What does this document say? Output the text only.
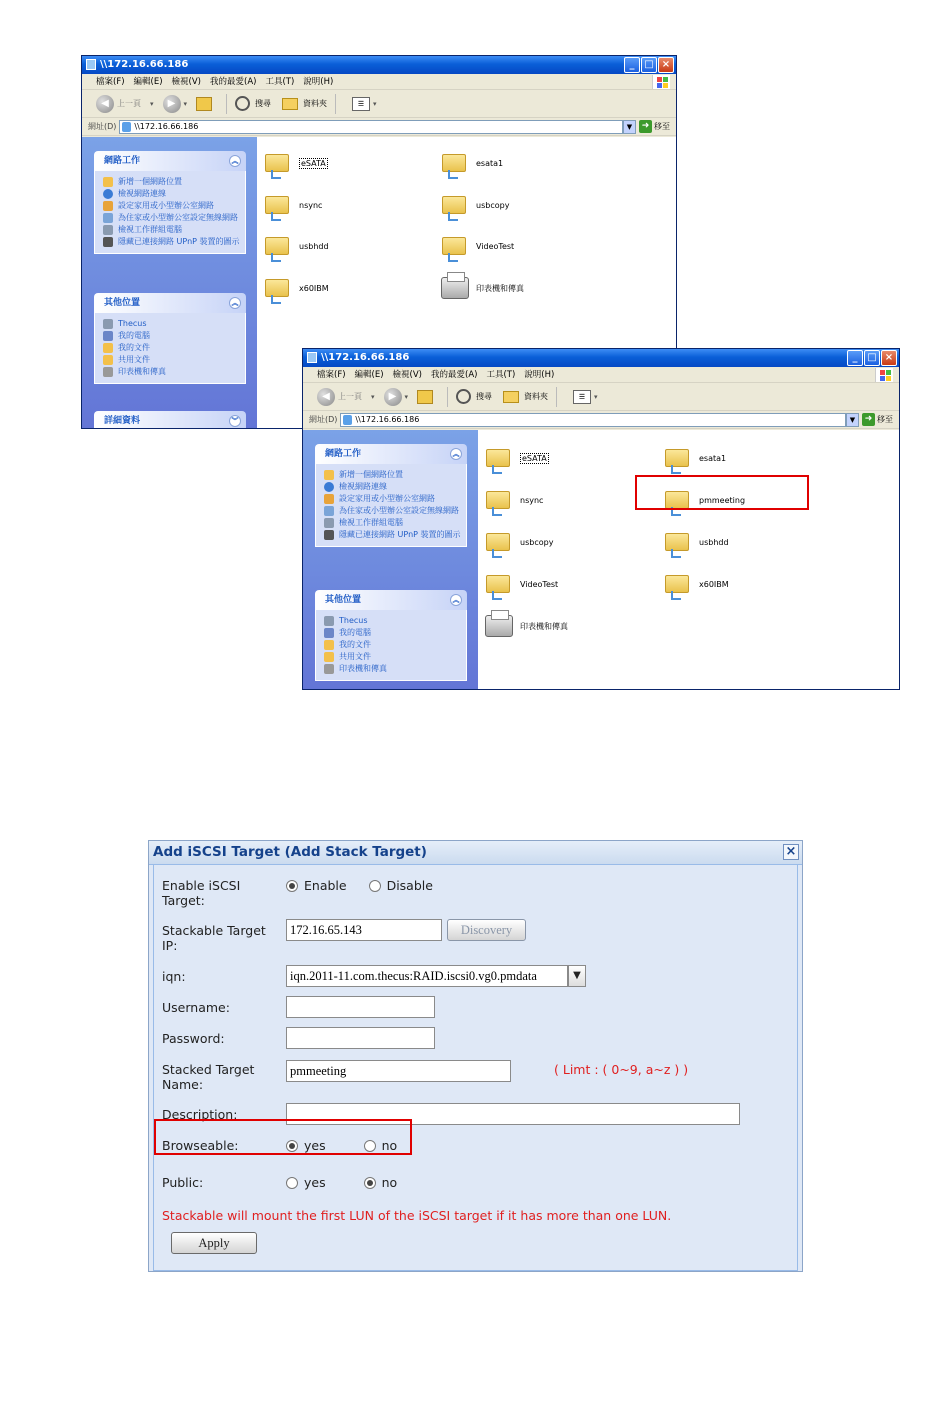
\\172.16.66.186	_ □ ×
檔案(F) 編輯(E) 檢視(V) 我的最愛(A) 工具(T) 說明(H)
◀	上一頁 ▾	▶	▾	搜尋	資料夾	☰	▾
網址(D)	\\172.16.66.186	▼	➜ 移至
網路工作	︽
新增一個網路位置
檢視網路連線
設定家用或小型辦公室網路
為住家或小型辦公室設定無線網路
檢視工作群組電腦
隱藏已連接網路 UPnP 裝置的圖示
其他位置	︽
Thecus
我的電腦
我的文件
共用文件
印表機和傳真
詳細資料	︾
eSATA	esata1
nsync	usbcopy
usbhdd	VideoTest
x60IBM	印表機和傳真
\\172.16.66.186	_ □ ×
檔案(F) 編輯(E) 檢視(V) 我的最愛(A) 工具(T) 說明(H)
◀	上一頁 ▾	▶	▾	搜尋	資料夾	☰	▾
網址(D)	\\172.16.66.186	▼	➜ 移至
網路工作	︽
新增一個網路位置
檢視網路連線
設定家用或小型辦公室網路
為住家或小型辦公室設定無線網路
檢視工作群組電腦
隱藏已連接網路 UPnP 裝置的圖示
其他位置	︽
Thecus
我的電腦
我的文件
共用文件
印表機和傳真
eSATA	esata1
nsync	pmmeeting
usbcopy	usbhdd
VideoTest	x60IBM
印表機和傳真
Add iSCSI Target (Add Stack Target)	×
Enable iSCSI Target:
Enable
	Disable
Stackable Target IP:
172.16.65.143	Discovery
iqn:	iqn.2011-11.com.thecus:RAID.iscsi0.vg0.pmdata	▼
Username:
Password:
Stacked Target Name:
pmmeeting	( Limt : ( 0~9, a~z ) )
Description:
Browseable:	yes
	no
Public:	yes
	no
Stackable will mount the first LUN of the iSCSI target if it has more than one LUN.
Apply
